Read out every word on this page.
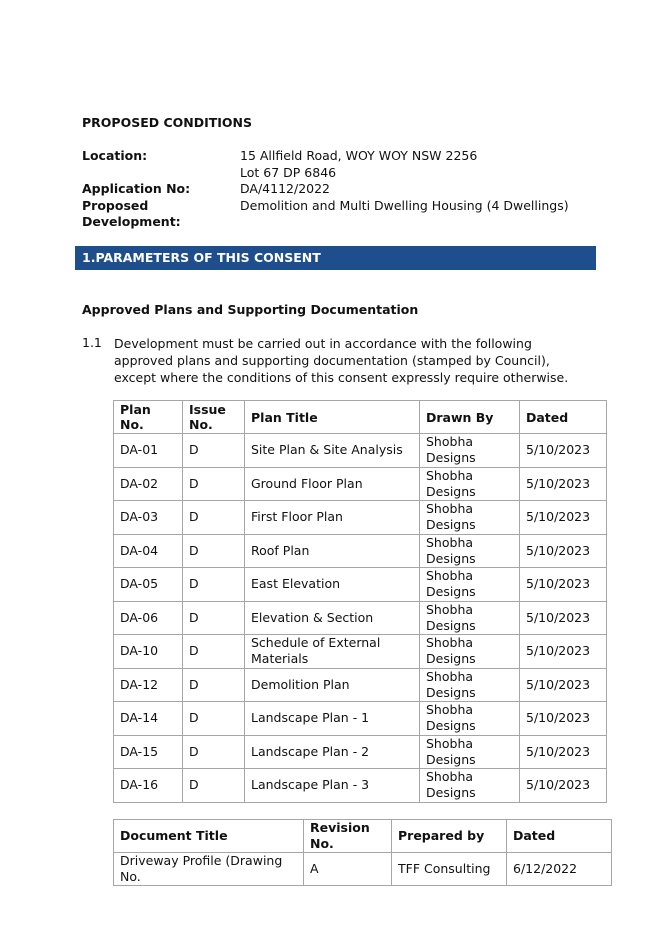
PROPOSED CONDITIONS
Location:	15 Allfield Road, WOY WOY NSW 2256
	Lot 67 DP 6846
Application No:	DA/4112/2022
Proposed Development:	Demolition and Multi Dwelling Housing (4 Dwellings)
1.PARAMETERS OF THIS CONSENT
Approved Plans and Supporting Documentation
1.1 Development must be carried out in accordance with the following approved plans and supporting documentation (stamped by Council), except where the conditions of this consent expressly require otherwise.
Plan No.	Issue No.	Plan Title	Drawn By	Dated
DA-01	D	Site Plan & Site Analysis	Shobha Designs	5/10/2023
DA-02	D	Ground Floor Plan	Shobha Designs	5/10/2023
DA-03	D	First Floor Plan	Shobha Designs	5/10/2023
DA-04	D	Roof Plan	Shobha Designs	5/10/2023
DA-05	D	East Elevation	Shobha Designs	5/10/2023
DA-06	D	Elevation & Section	Shobha Designs	5/10/2023
DA-10	D	Schedule of External Materials	Shobha Designs	5/10/2023
DA-12	D	Demolition Plan	Shobha Designs	5/10/2023
DA-14	D	Landscape Plan - 1	Shobha Designs	5/10/2023
DA-15	D	Landscape Plan - 2	Shobha Designs	5/10/2023
DA-16	D	Landscape Plan - 3	Shobha Designs	5/10/2023
Document Title	Revision No.	Prepared by	Dated
Driveway Profile (Drawing No.	A	TFF Consulting	6/12/2022
